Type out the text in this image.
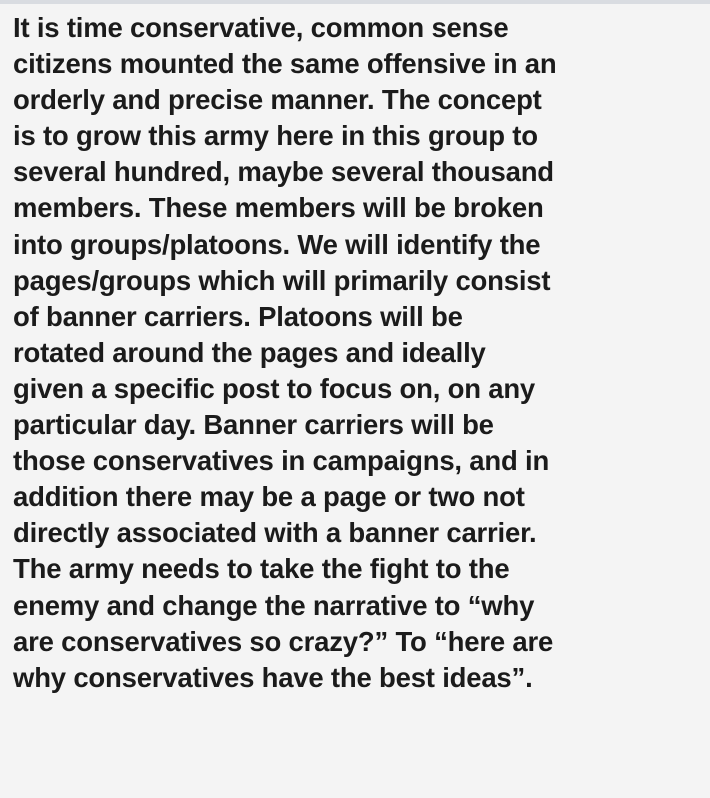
It is time conservative, common sense
citizens mounted the same offensive in an
orderly and precise manner. The concept
is to grow this army here in this group to
several hundred, maybe several thousand
members. These members will be broken
into groups/platoons. We will identify the
pages/groups which will primarily consist
of banner carriers. Platoons will be
rotated around the pages and ideally
given a specific post to focus on, on any
particular day. Banner carriers will be
those conservatives in campaigns, and in
addition there may be a page or two not
directly associated with a banner carrier.
The army needs to take the fight to the
enemy and change the narrative to “why
are conservatives so crazy?” To “here are
why conservatives have the best ideas”.
